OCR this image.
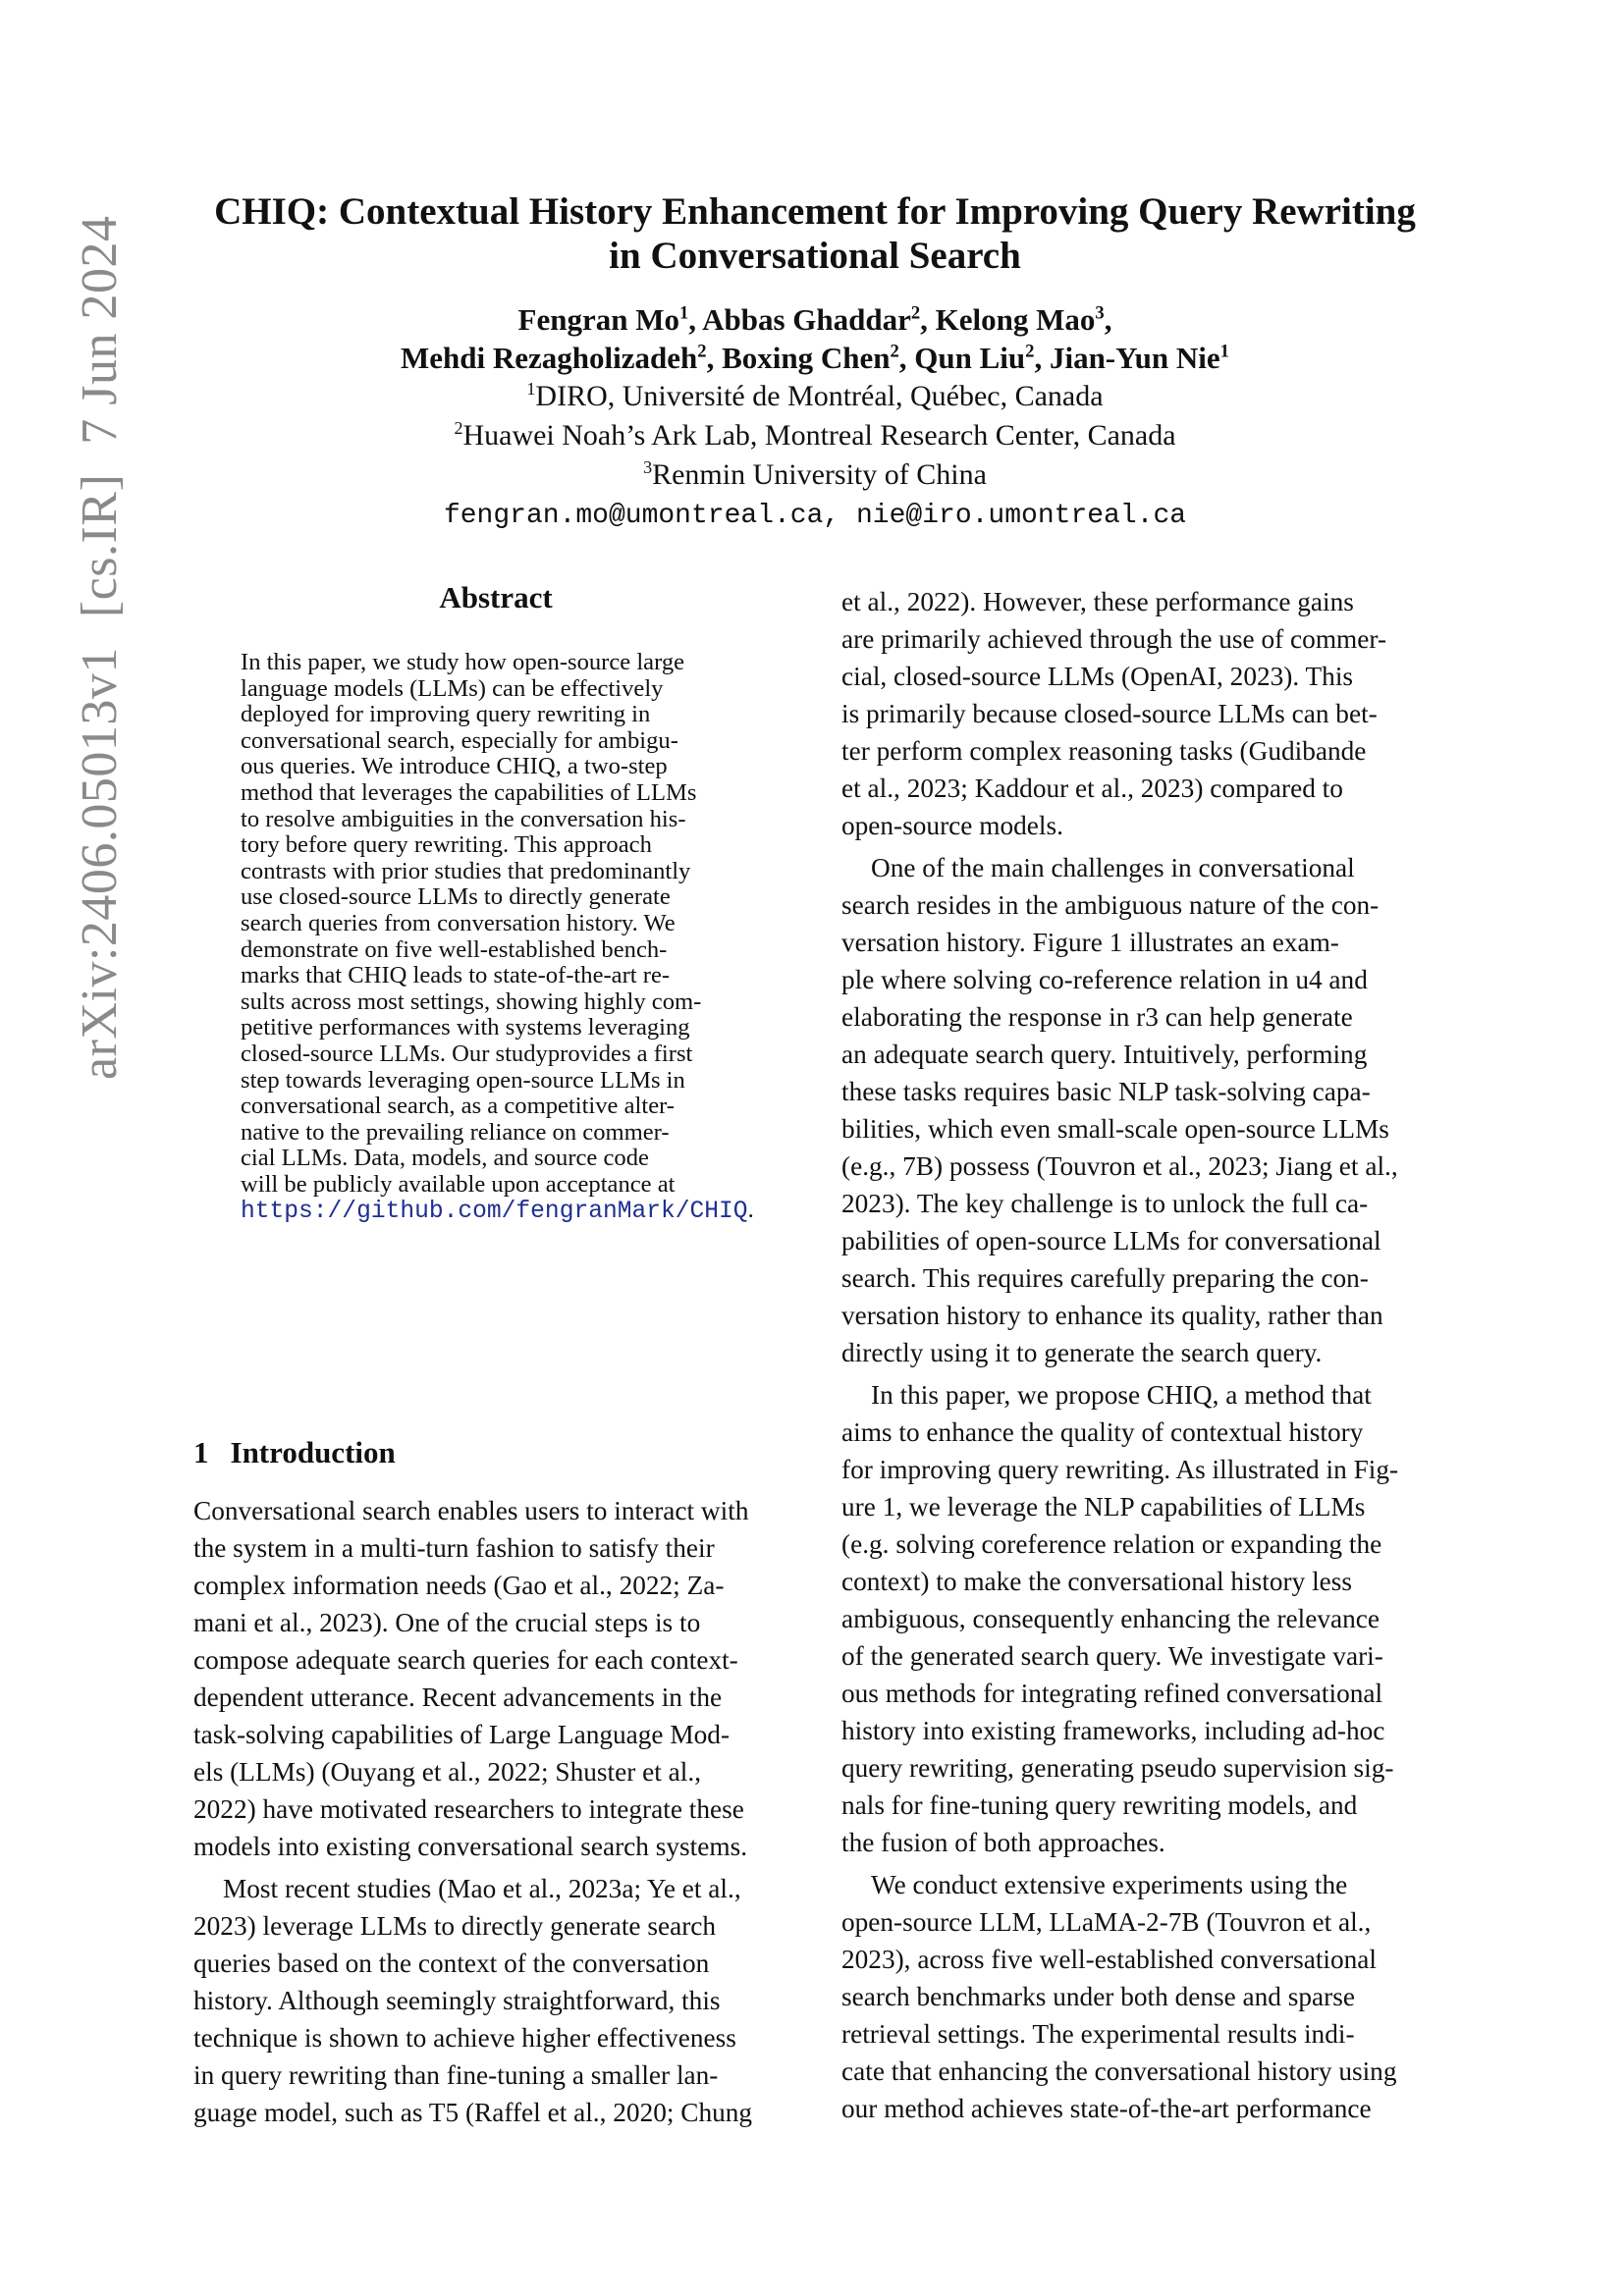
arXiv:2406.05013v1[cs.IR]7 Jun 2024
CHIQ: Contextual History Enhancement for Improving Query Rewriting
in Conversational Search
Fengran Mo$^1$, Abbas Ghaddar$^2$, Kelong Mao$^3$,
Mehdi Rezagholizadeh$^2$, Boxing Chen$^2$, Qun Liu$^2$, Jian-Yun Nie$^1$
$^1$DIRO, Université de Montréal, Québec, Canada
$^2$Huawei Noah’s Ark Lab, Montreal Research Center, Canada
$^3$Renmin University of China
fengran.mo@umontreal.ca, nie@iro.umontreal.ca
Abstract
In this paper, we study how open-source large
language models (LLMs) can be effectively
deployed for improving query rewriting in
conversational search, especially for ambigu-
ous queries. We introduce CHIQ, a two-step
method that leverages the capabilities of LLMs
to resolve ambiguities in the conversation his-
tory before query rewriting. This approach
contrasts with prior studies that predominantly
use closed-source LLMs to directly generate
search queries from conversation history. We
demonstrate on five well-established bench-
marks that CHIQ leads to state-of-the-art re-
sults across most settings, showing highly com-
petitive performances with systems leveraging
closed-source LLMs. Our studyprovides a first
step towards leveraging open-source LLMs in
conversational search, as a competitive alter-
native to the prevailing reliance on commer-
cial LLMs. Data, models, and source code
will be publicly available upon acceptance at
https://github.com/fengranMark/CHIQ.
1 Introduction
Conversational search enables users to interact with
the system in a multi-turn fashion to satisfy their
complex information needs (Gao et al., 2022; Za-
mani et al., 2023). One of the crucial steps is to
compose adequate search queries for each context-
dependent utterance. Recent advancements in the
task-solving capabilities of Large Language Mod-
els (LLMs) (Ouyang et al., 2022; Shuster et al.,
2022) have motivated researchers to integrate these
models into existing conversational search systems.
Most recent studies (Mao et al., 2023a; Ye et al.,
2023) leverage LLMs to directly generate search
queries based on the context of the conversation
history. Although seemingly straightforward, this
technique is shown to achieve higher effectiveness
in query rewriting than fine-tuning a smaller lan-
guage model, such as T5 (Raffel et al., 2020; Chung
et al., 2022). However, these performance gains
are primarily achieved through the use of commer-
cial, closed-source LLMs (OpenAI, 2023). This
is primarily because closed-source LLMs can bet-
ter perform complex reasoning tasks (Gudibande
et al., 2023; Kaddour et al., 2023) compared to
open-source models.
One of the main challenges in conversational
search resides in the ambiguous nature of the con-
versation history. Figure 1 illustrates an exam-
ple where solving co-reference relation in u4 and
elaborating the response in r3 can help generate
an adequate search query. Intuitively, performing
these tasks requires basic NLP task-solving capa-
bilities, which even small-scale open-source LLMs
(e.g., 7B) possess (Touvron et al., 2023; Jiang et al.,
2023). The key challenge is to unlock the full ca-
pabilities of open-source LLMs for conversational
search. This requires carefully preparing the con-
versation history to enhance its quality, rather than
directly using it to generate the search query.
In this paper, we propose CHIQ, a method that
aims to enhance the quality of contextual history
for improving query rewriting. As illustrated in Fig-
ure 1, we leverage the NLP capabilities of LLMs
(e.g. solving coreference relation or expanding the
context) to make the conversational history less
ambiguous, consequently enhancing the relevance
of the generated search query. We investigate vari-
ous methods for integrating refined conversational
history into existing frameworks, including ad-hoc
query rewriting, generating pseudo supervision sig-
nals for fine-tuning query rewriting models, and
the fusion of both approaches.
We conduct extensive experiments using the
open-source LLM, LLaMA-2-7B (Touvron et al.,
2023), across five well-established conversational
search benchmarks under both dense and sparse
retrieval settings. The experimental results indi-
cate that enhancing the conversational history using
our method achieves state-of-the-art performance
